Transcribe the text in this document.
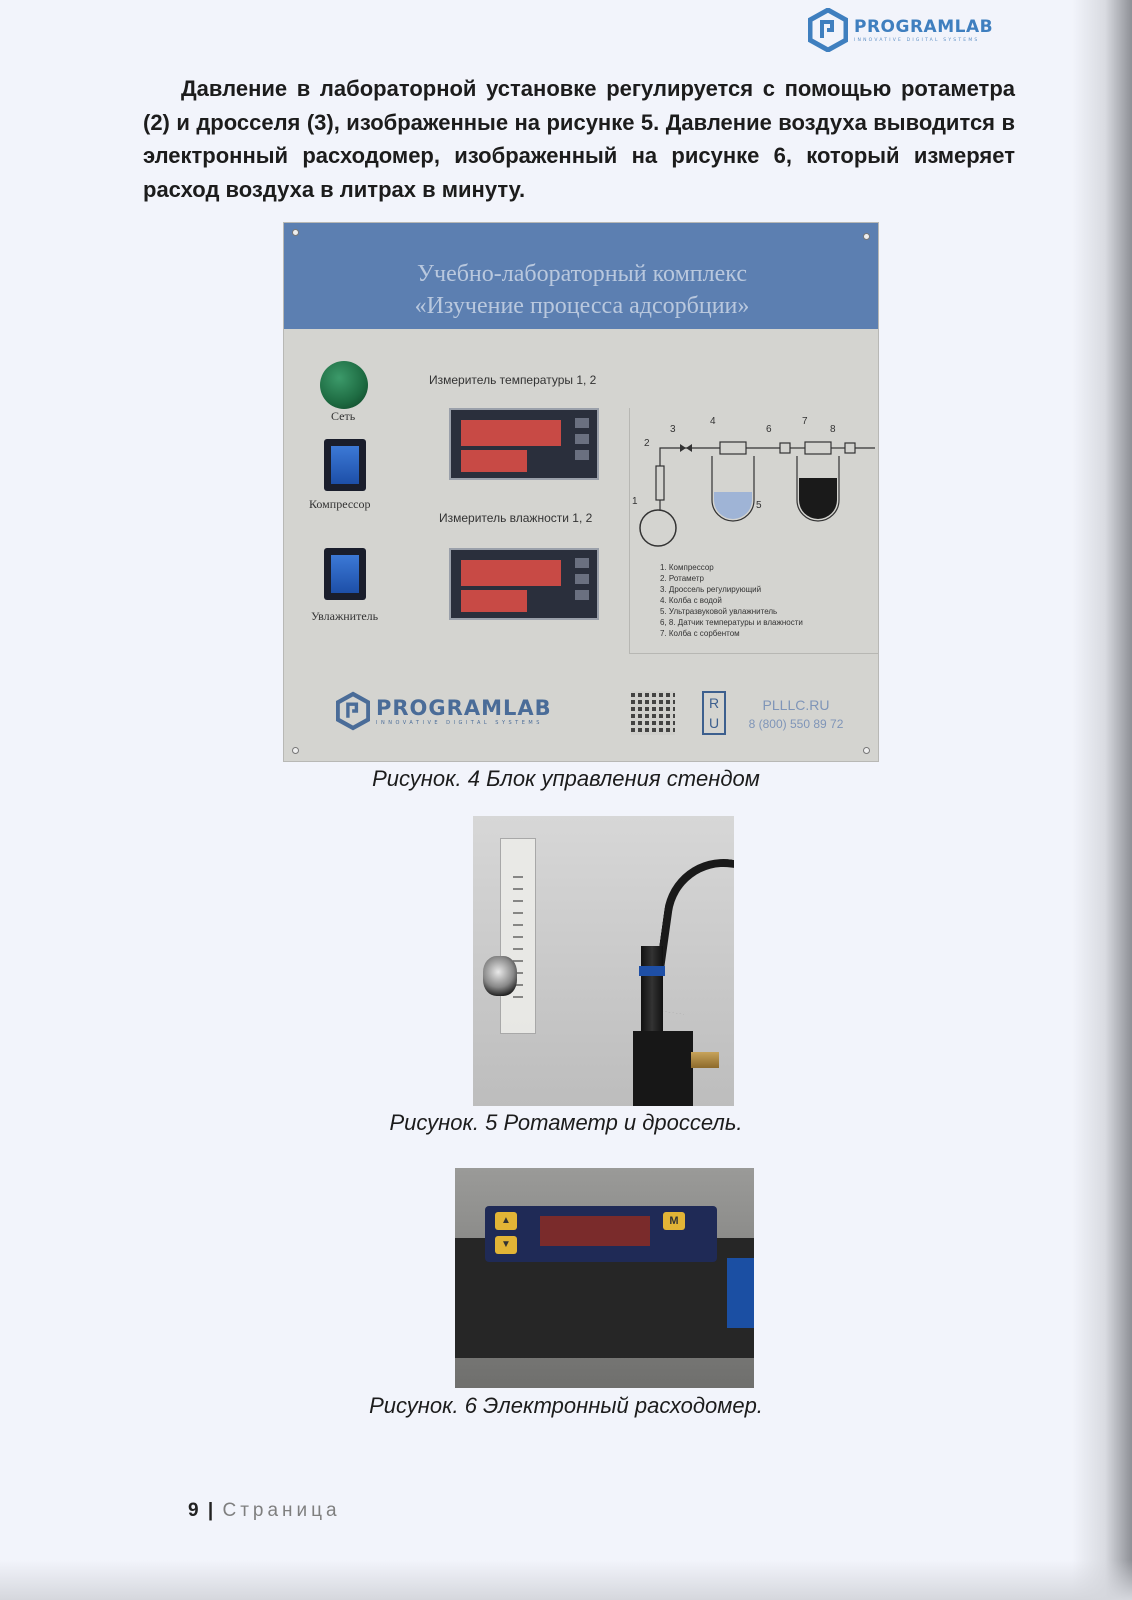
PROGRAMLAB
INNOVATIVE DIGITAL SYSTEMS

Давление в лабораторной установке регулируется с помощью ротаметра (2) и дросселя (3), изображенные на рисунке 5. Давление воздуха выводится в электронный расходомер, изображенный на рисунке 6, который измеряет расход воздуха в литрах в минуту.

Учебно-лабораторный комплекс
«Изучение процесса адсорбции»
Сеть
Компрессор
Увлажнитель
Измеритель температуры 1, 2
Измеритель влажности 1, 2
1
2
3
4
5
6
7
8
1. Компрессор
2. Ротаметр
3. Дроссель регулирующий
4. Колба с водой
5. Ультразвуковой увлажнитель
6, 8. Датчик температуры и влажности
7. Колба с сорбентом
PROGRAMLAB
INNOVATIVE DIGITAL SYSTEMS
R
U
PLLLC.RU
8 (800) 550 89 72
Рисунок. 4 Блок управления стендом
Рисунок. 5 Ротаметр и дроссель.
▲
▼
M
Рисунок. 6 Электронный расходомер.
9 | Страница
